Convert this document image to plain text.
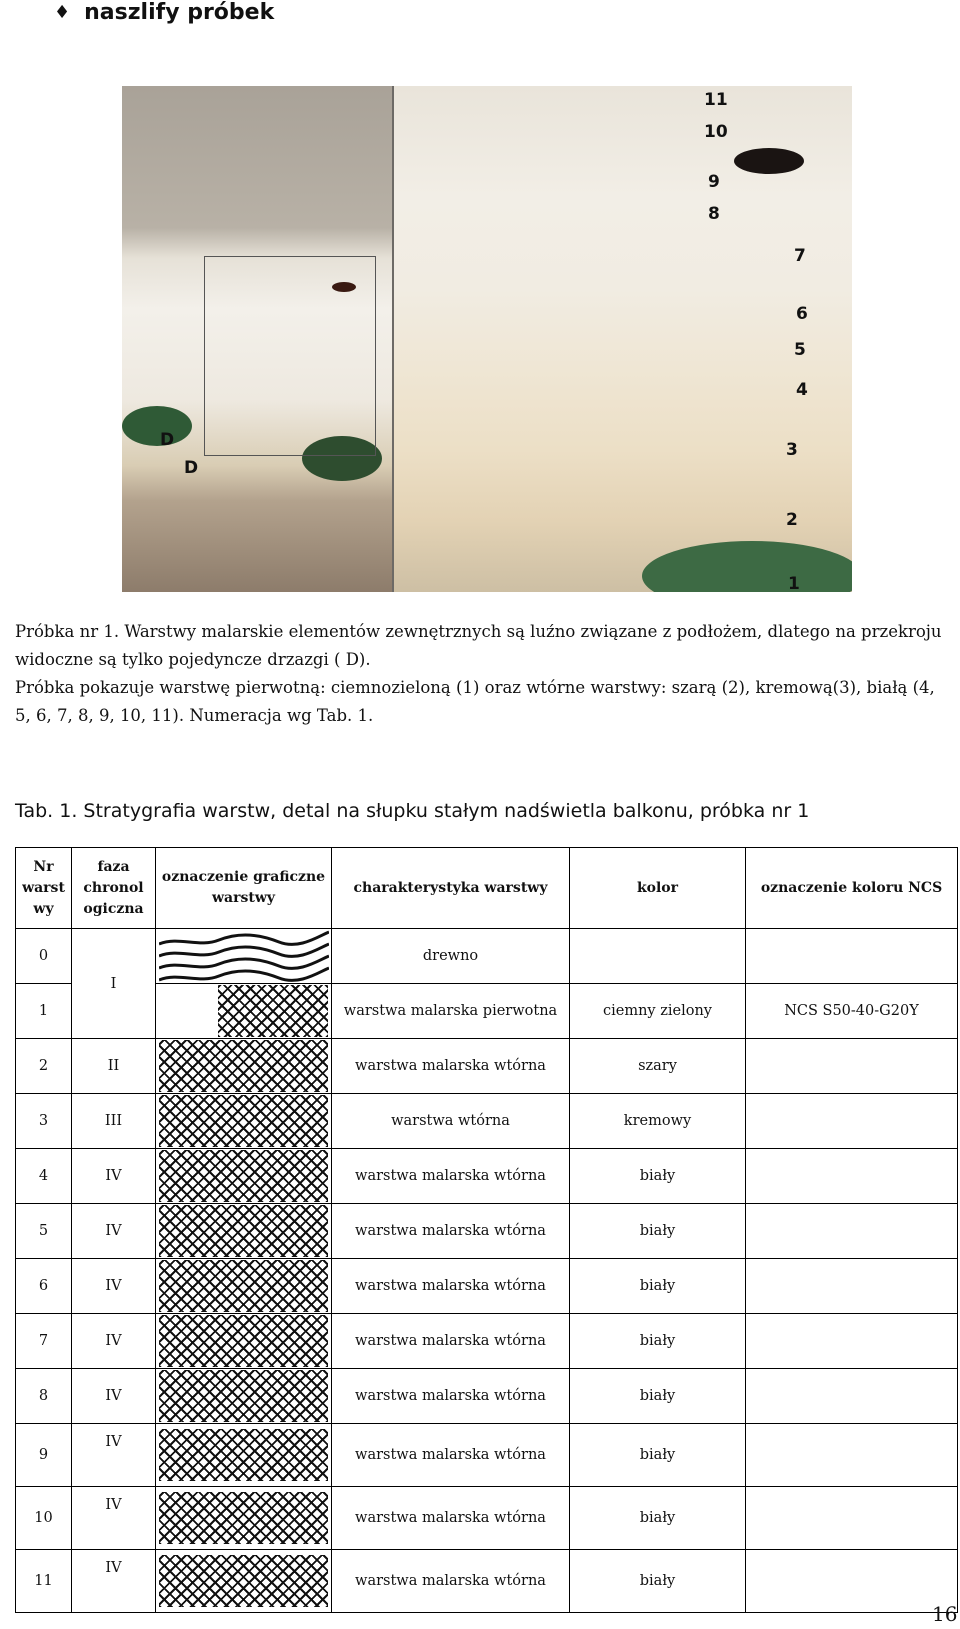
♦ naszlify próbek
11
10
9
8
7
6
5
4
3
2
1
D
D

Próbka nr 1. Warstwy malarskie elementów zewnętrznych są luźno związane z podłożem, dlatego na przekroju widoczne są tylko pojedyncze drzazgi ( D).

Próbka pokazuje warstwę pierwotną: ciemnozieloną (1) oraz wtórne warstwy: szarą (2), kremową(3), białą (4, 5, 6, 7, 8, 9, 10, 11). Numeracja wg Tab. 1.

Tab. 1. Stratygrafia warstw, detal na słupku stałym nadświetla balkonu, próbka nr 1
Nr warst wy	faza chronol ogiczna	oznaczenie graficzne warstwy	charakterystyka warstwy	kolor	oznaczenie koloru NCS
0	I		drewno		
1			warstwa malarska pierwotna	ciemny zielony	NCS S50-40-G20Y
2	II		warstwa malarska wtórna	szary	
3	III		warstwa wtórna	kremowy	
4	IV		warstwa malarska wtórna	biały	
5	IV		warstwa malarska wtórna	biały	
6	IV		warstwa malarska wtórna	biały	
7	IV		warstwa malarska wtórna	biały	
8	IV		warstwa malarska wtórna	biały	
9	IV		warstwa malarska wtórna	biały	
10	IV		warstwa malarska wtórna	biały	
11	IV		warstwa malarska wtórna	biały	
16
